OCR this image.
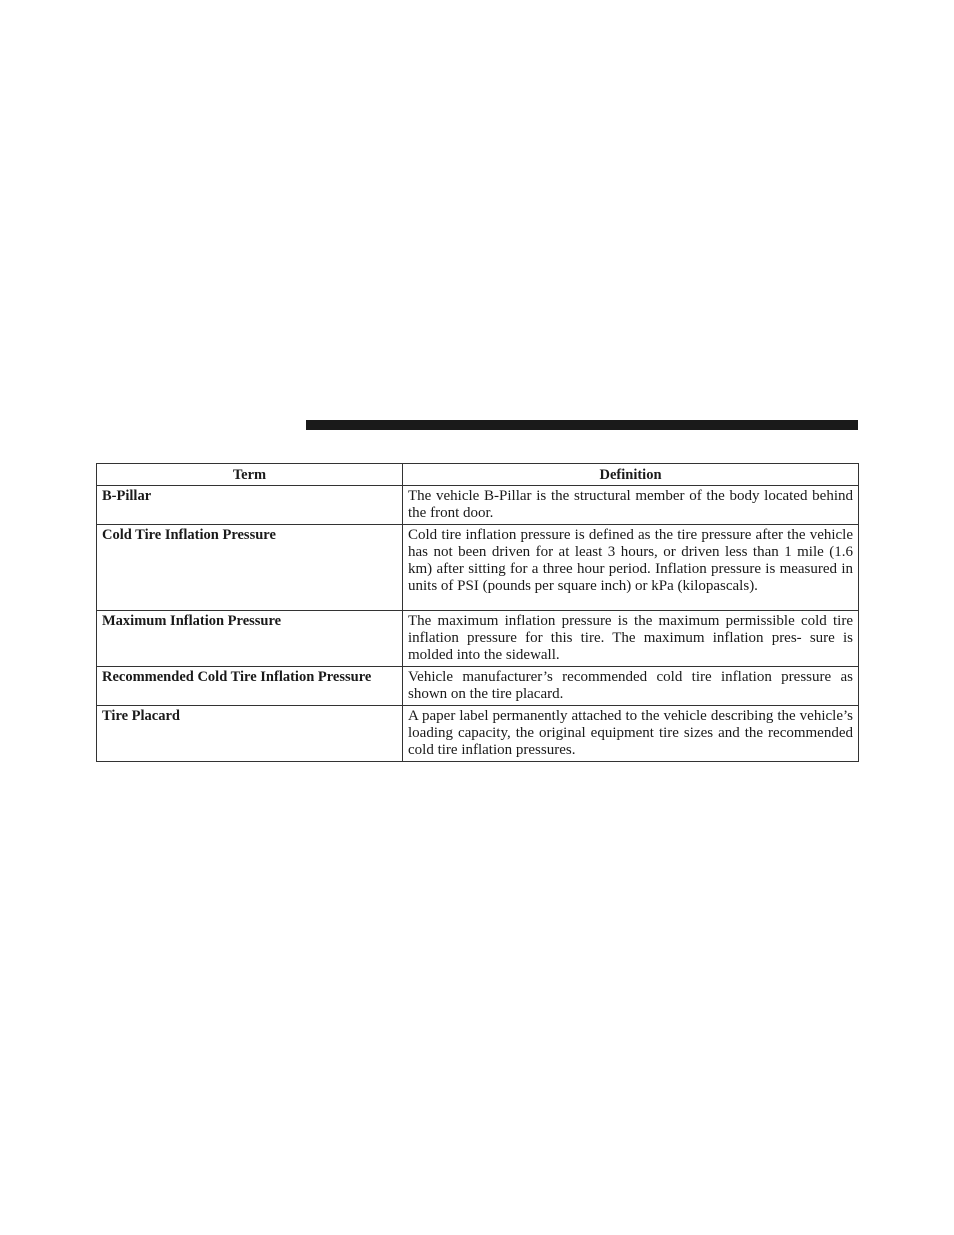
Term	Definition
B-Pillar	The vehicle B-Pillar is the structural member of the body located behind the front door.
Cold Tire Inflation Pressure	Cold tire inflation pressure is defined as the tire pressure after the vehicle has not been driven for at least 3 hours, or driven less than 1 mile (1.6 km) after sitting for a three hour period. Inflation pressure is measured in units of PSI (pounds per square inch) or kPa (kilopascals).
Maximum Inflation Pressure	The maximum inflation pressure is the maximum permissible cold tire inflation pressure for this tire. The maximum inflation pres- sure is molded into the sidewall.
Recommended Cold Tire Inflation Pressure	Vehicle manufacturer’s recommended cold tire inflation pressure as shown on the tire placard.
Tire Placard	A paper label permanently attached to the vehicle describing the vehicle’s loading capacity, the original equipment tire sizes and the recommended cold tire inflation pressures.
